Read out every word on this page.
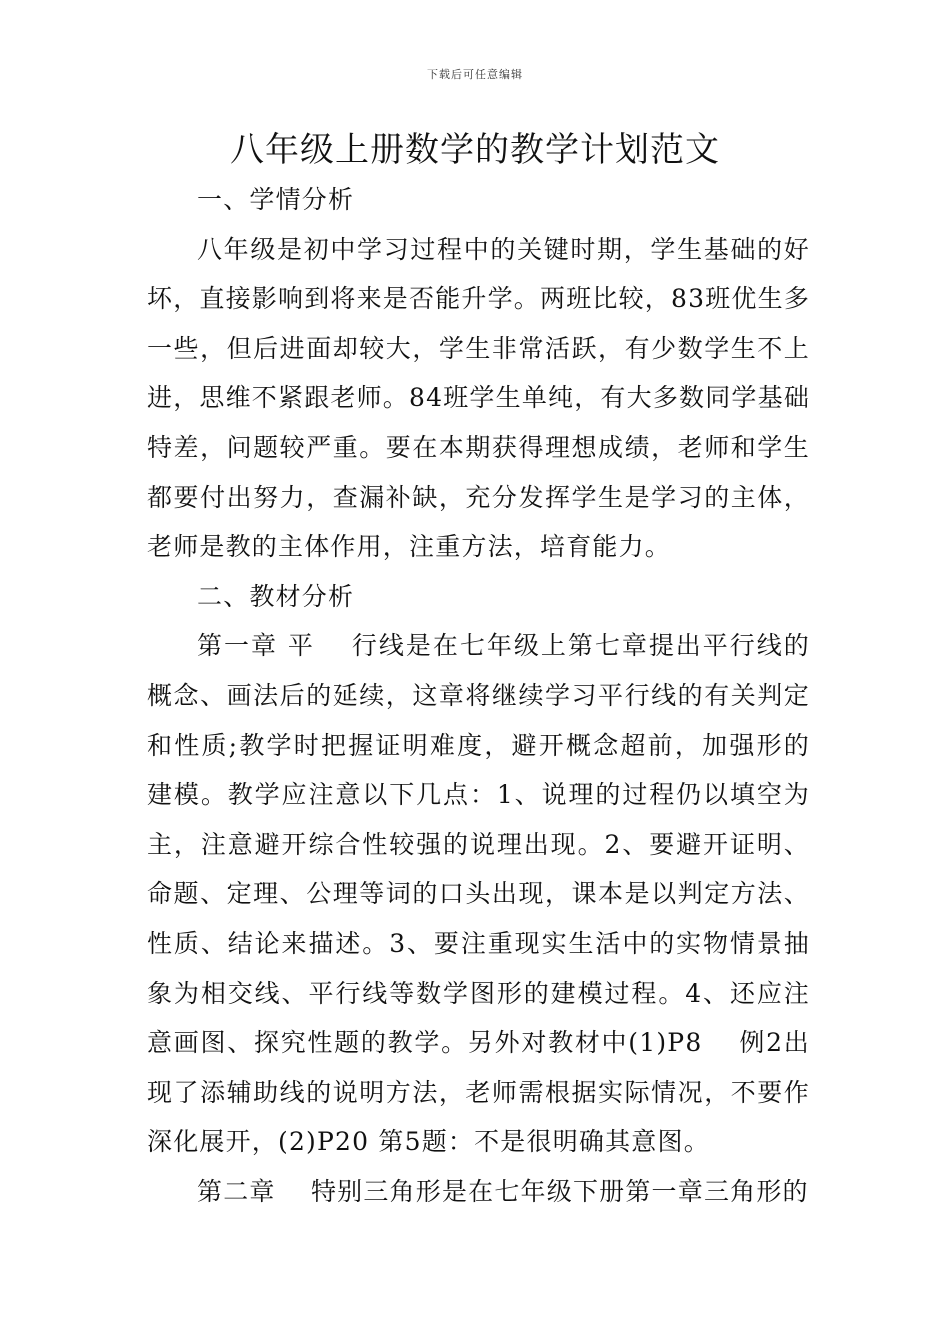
下载后可任意编辑
八年级上册数学的教学计划范文

一、学情分析

八年级是初中学习过程中的关键时期，学生基础的好坏，直接影响到将来是否能升学。两班比较，83班优生多一些，但后进面却较大，学生非常活跃，有少数学生不上进，思维不紧跟老师。84班学生单纯，有大多数同学基础特差，问题较严重。要在本期获得理想成绩，老师和学生都要付出努力，查漏补缺，充分发挥学生是学习的主体，老师是教的主体作用，注重方法，培育能力。

二、教材分析

第一章 平　 行线是在七年级上第七章提出平行线的概念、画法后的延续，这章将继续学习平行线的有关判定和性质;教学时把握证明难度，避开概念超前，加强形的建模。教学应注意以下几点：1、说理的过程仍以填空为主，注意避开综合性较强的说理出现。2、要避开证明、命题、定理、公理等词的口头出现，课本是以判定方法、性质、结论来描述。3、要注重现实生活中的实物情景抽象为相交线、平行线等数学图形的建模过程。4、还应注意画图、探究性题的教学。另外对教材中(1)P8　 例2出现了添辅助线的说明方法，老师需根据实际情况，不要作深化展开，(2)P20 第5题：不是很明确其意图。

第二章　 特别三角形是在七年级下册第一章三角形的
